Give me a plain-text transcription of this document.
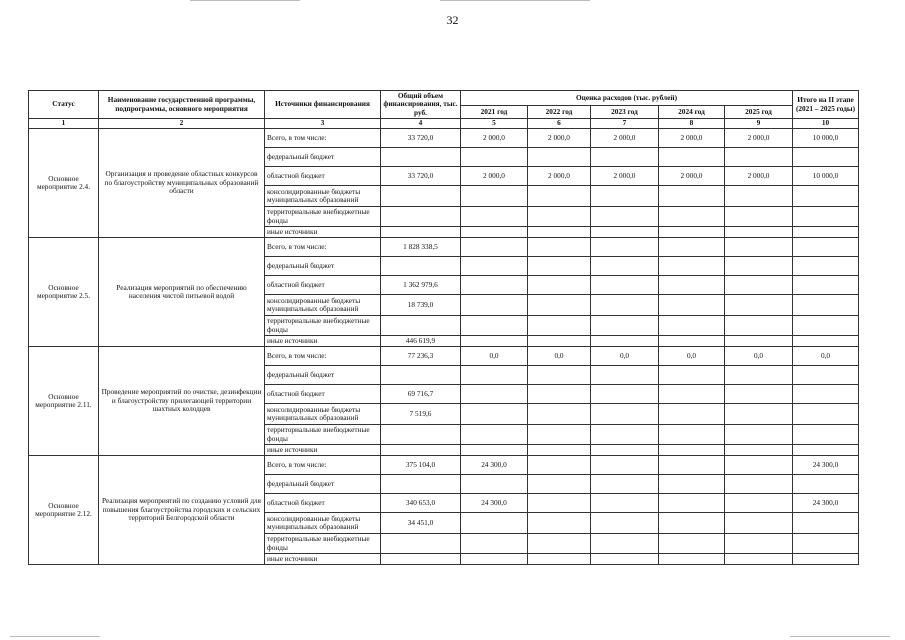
32
Статус	Наименование государственной программы, подпрограммы, основного мероприятия	Источники финансирования	Общий объем финансирования, тыс. руб.	Оценка расходов (тыс. рублей)					Итого на II этапе (2021 – 2025 годы)
				2021 год	2022 год	2023 год	2024 год	2025 год	
1	2	3	4	5	6	7	8	9	10
Основное мероприятие 2.4.	Организация и проведение областных конкурсов по благоустройству муниципальных образований области	Всего, в том числе:	33 720,0	2 000,0	2 000,0	2 000,0	2 000,0	2 000,0	10 000,0
		федеральный бюджет							
		областной бюджет	33 720,0	2 000,0	2 000,0	2 000,0	2 000,0	2 000,0	10 000,0
		консолидированные бюджеты муниципальных образований							
		территориальные внебюджетные фонды							
		иные источники							
Основное мероприятие 2.5.	Реализация мероприятий по обеспечению населения чистой питьевой водой	Всего, в том числе:	1 828 338,5						
		федеральный бюджет							
		областной бюджет	1 362 979,6						
		консолидированные бюджеты муниципальных образований	18 739,0						
		территориальные внебюджетные фонды							
		иные источники	446 619,9						
Основное мероприятие 2.11.	Проведение мероприятий по очистке, дезинфекции и благоустройству прилегающей территории шахтных колодцев	Всего, в том числе:	77 236,3	0,0	0,0	0,0	0,0	0,0	0,0
		федеральный бюджет							
		областной бюджет	69 716,7						
		консолидированные бюджеты муниципальных образований	7 519,6						
		территориальные внебюджетные фонды							
		иные источники							
Основное мероприятие 2.12.	Реализация мероприятий по созданию условий для повышения благоустройства городских и сельских территорий Белгородской области	Всего, в том числе:	375 104,0	24 300,0					24 300,0
		федеральный бюджет							
		областной бюджет	340 653,0	24 300,0					24 300,0
		консолидированные бюджеты муниципальных образований	34 451,0						
		территориальные внебюджетные фонды							
		иные источники							
